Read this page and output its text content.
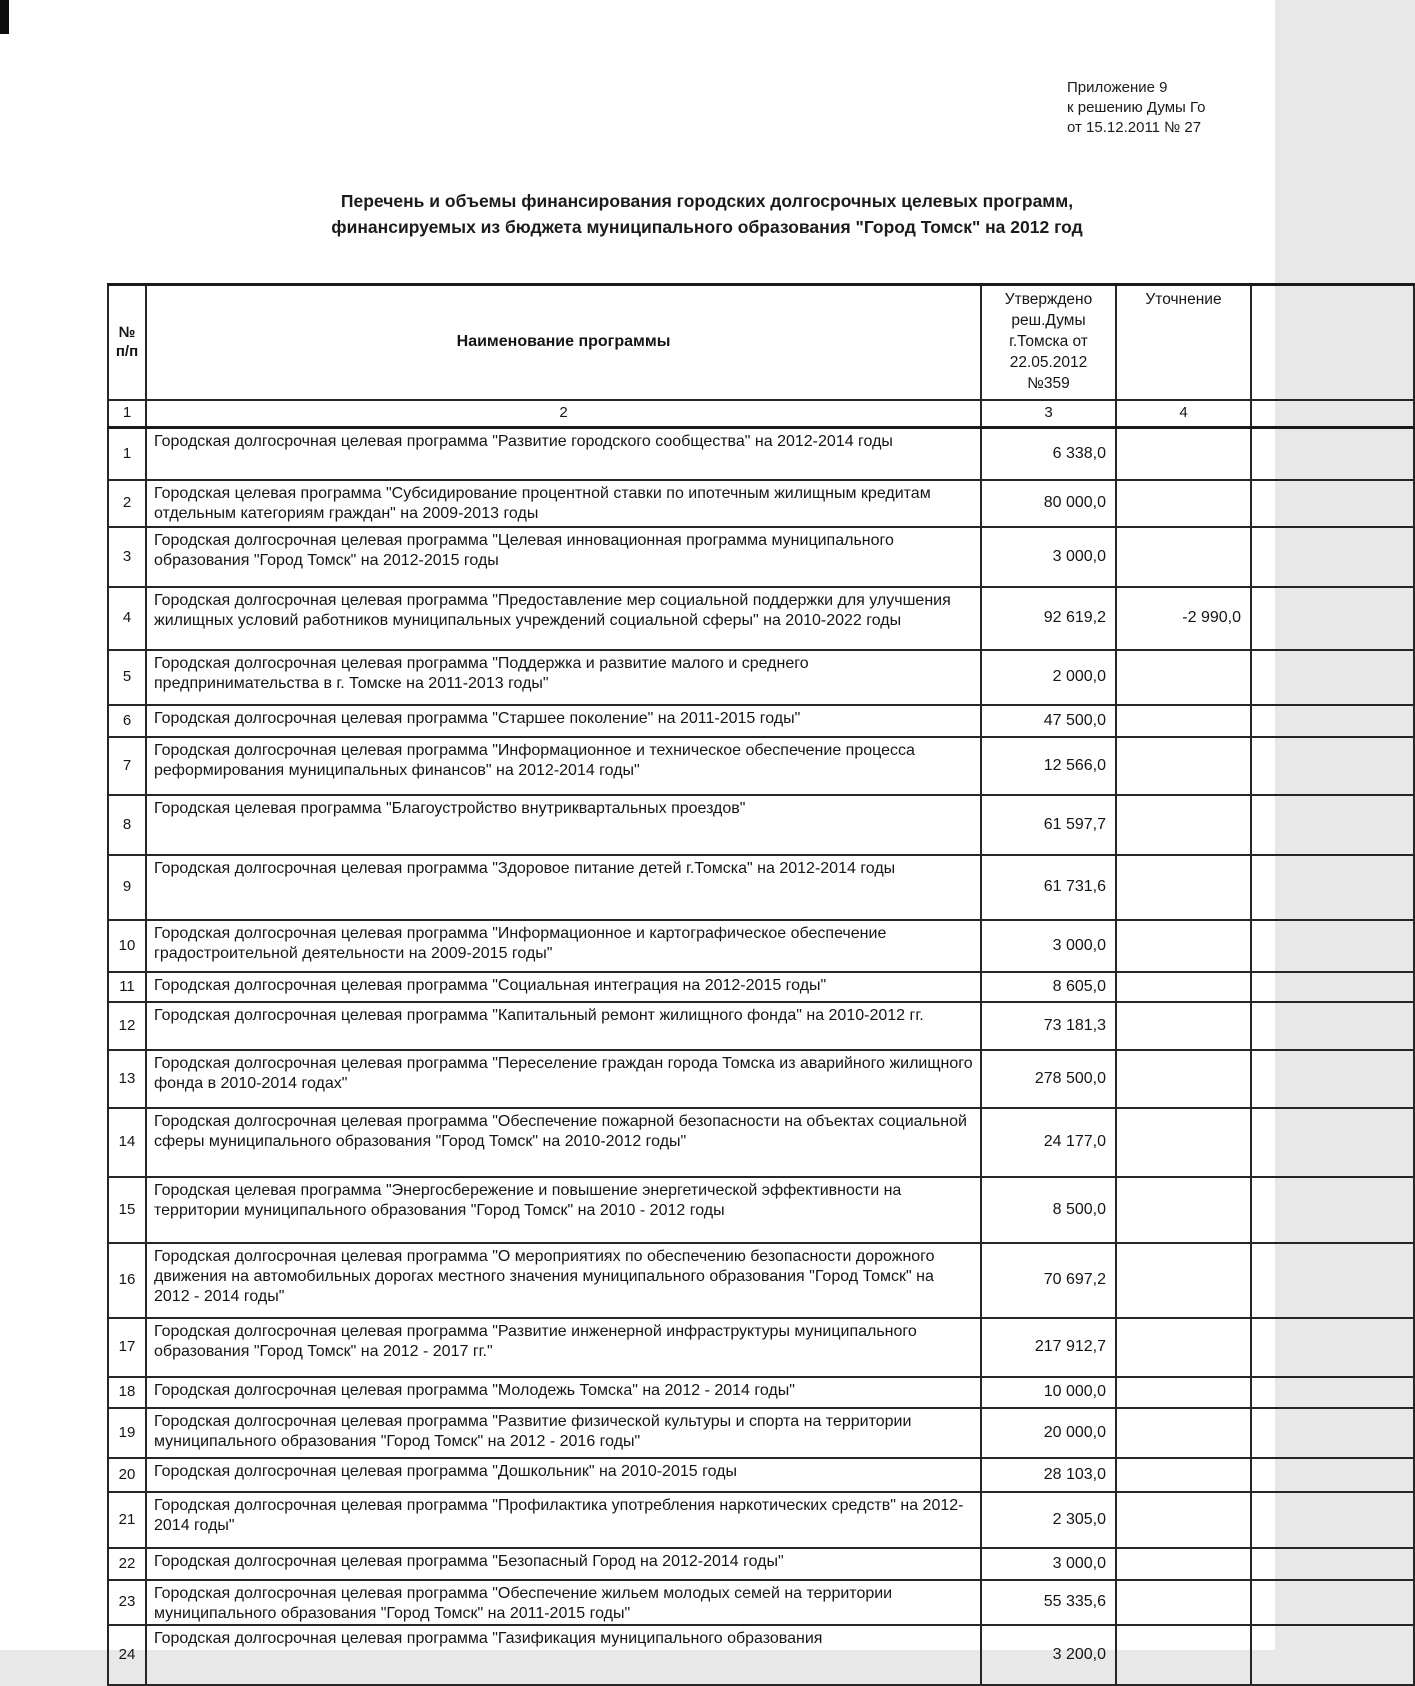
Приложение 9
к решению Думы Го
от 15.12.2011 № 27
Перечень и объемы финансирования городских долгосрочных целевых программ,
финансируемых из бюджета муниципального образования "Город Томск" на 2012 год
№ п/п	Наименование программы	Утверждено реш.Думы г.Томска от 22.05.2012 №359	Уточнение	
1	2	3	4	
1	Городская долгосрочная целевая программа "Развитие городского сообщества" на 2012-2014 годы	6 338,0		
2	Городская целевая программа "Субсидирование процентной ставки по ипотечным жилищным кредитам отдельным категориям граждан" на 2009-2013 годы	80 000,0		
3	Городская долгосрочная целевая программа "Целевая инновационная программа муниципального образования "Город Томск" на 2012-2015 годы	3 000,0		
4	Городская долгосрочная целевая программа "Предоставление мер социальной поддержки для улучшения жилищных условий работников муниципальных учреждений социальной сферы" на 2010-2022 годы	92 619,2	-2 990,0	
5	Городская долгосрочная целевая программа "Поддержка и развитие малого и среднего предпринимательства в г. Томске на 2011-2013 годы"	2 000,0		
6	Городская долгосрочная целевая программа "Старшее поколение" на 2011-2015 годы"	47 500,0		
7	Городская долгосрочная целевая программа "Информационное и техническое обеспечение процесса реформирования муниципальных финансов" на 2012-2014 годы"	12 566,0		
8	Городская целевая программа "Благоустройство внутриквартальных проездов"	61 597,7		
9	Городская долгосрочная целевая программа "Здоровое питание детей г.Томска" на 2012-2014 годы	61 731,6		
10	Городская долгосрочная целевая программа "Информационное и картографическое обеспечение градостроительной деятельности на 2009-2015 годы"	3 000,0		
11	Городская долгосрочная целевая программа "Социальная интеграция на 2012-2015 годы"	8 605,0		
12	Городская долгосрочная целевая программа "Капитальный ремонт жилищного фонда" на 2010-2012 гг.	73 181,3		
13	Городская долгосрочная целевая программа "Переселение граждан города Томска из аварийного жилищного фонда в 2010-2014 годах"	278 500,0		
14	Городская долгосрочная целевая программа "Обеспечение пожарной безопасности на объектах социальной сферы муниципального образования "Город Томск" на 2010-2012 годы"	24 177,0		
15	Городская целевая программа "Энергосбережение и повышение энергетической эффективности на территории муниципального образования "Город Томск" на 2010 - 2012 годы	8 500,0		
16	Городская долгосрочная целевая программа "О мероприятиях по обеспечению безопасности дорожного движения на автомобильных дорогах местного значения муниципального образования "Город Томск" на 2012 - 2014 годы"	70 697,2		
17	Городская долгосрочная целевая программа "Развитие инженерной инфраструктуры муниципального образования "Город Томск" на 2012 - 2017 гг."	217 912,7		
18	Городская долгосрочная целевая программа "Молодежь Томска" на 2012 - 2014 годы"	10 000,0		
19	Городская долгосрочная целевая программа "Развитие физической культуры и спорта на территории муниципального образования "Город Томск" на 2012 - 2016 годы"	20 000,0		
20	Городская долгосрочная целевая программа "Дошкольник" на 2010-2015 годы	28 103,0		
21	Городская долгосрочная целевая программа "Профилактика употребления наркотических средств" на 2012-2014 годы"	2 305,0		
22	Городская долгосрочная целевая программа "Безопасный Город на 2012-2014 годы"	3 000,0		
23	Городская долгосрочная целевая программа "Обеспечение жильем молодых семей на территории муниципального образования "Город Томск" на 2011-2015 годы"	55 335,6		
24	Городская долгосрочная целевая программа "Газификация муниципального образования	3 200,0		
